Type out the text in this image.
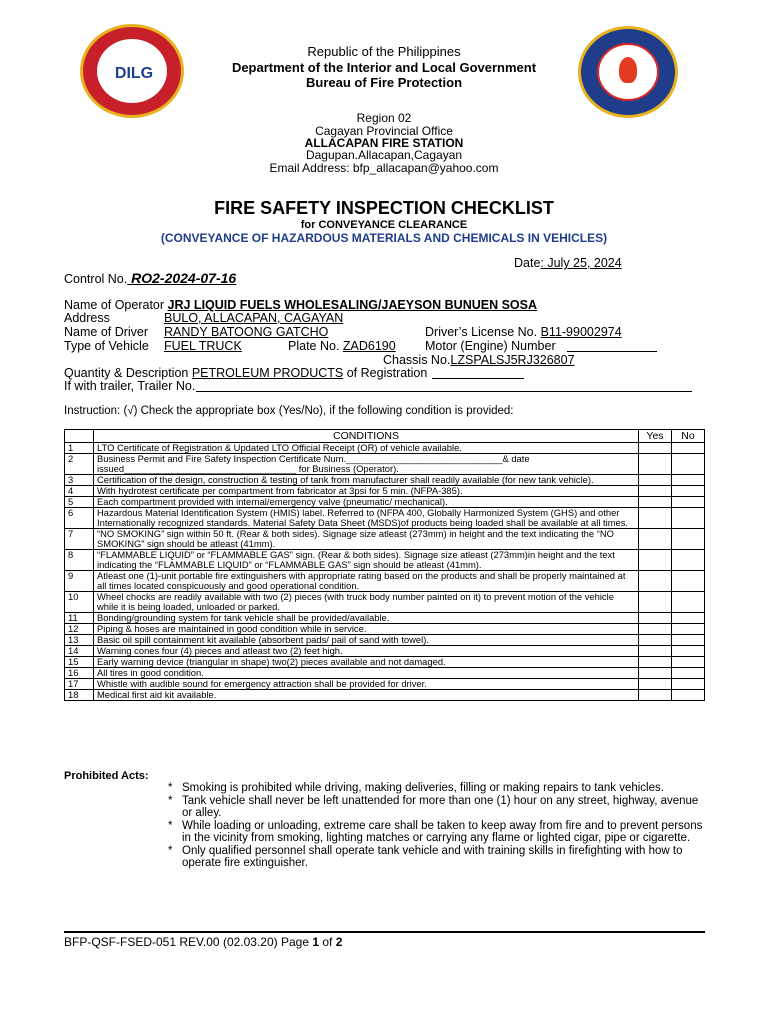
DILG
Republic of the Philippines
Department of the Interior and Local Government
Bureau of Fire Protection
Region 02
Cagayan Provincial Office
ALLACAPAN FIRE STATION
Dagupan.Allacapan,Cagayan
Email Address: bfp_allacapan@yahoo.com
FIRE SAFETY INSPECTION CHECKLIST
for CONVEYANCE CLEARANCE
(CONVEYANCE OF HAZARDOUS MATERIALS AND CHEMICALS IN VEHICLES)
Date: July 25, 2024
Control No. RO2-2024-07-16
Name of Operator JRJ LIQUID FUELS WHOLESALING/JAEYSON BUNUEN SOSA
Address	BULO, ALLACAPAN, CAGAYAN
Name of Driver RANDY BATOONG GATCHO	Driver’s License No. B11-99002974
Type of Vehicle FUEL TRUCK	Plate No. ZAD6190 Motor (Engine) Number
Chassis No.LZSPALSJ5RJ326807
Quantity & Description PETROLEUM PRODUCTS of Registration
If with trailer, Trailer No.
Instruction: (√) Check the appropriate box (Yes/No), if the following condition is provided:
	CONDITIONS	Yes	No
1	LTO Certificate of Registration & Updated LTO Official Receipt (OR) of vehicle available.		
2	Business Permit and Fire Safety Inspection Certificate Num.______________________________& date issued_________________________________ for Business (Operator).		
3	Certification of the design, construction & testing of tank from manufacturer shall readily available (for new tank vehicle).		
4	With hydrotest certificate per compartment from fabricator at 3psi for 5 min. (NFPA-385).		
5	Each compartment provided with internal/emergency valve (pneumatic/ mechanical).		
6	Hazardous Material Identification System (HMIS) label. Referred to (NFPA 400, Globally Harmonized System (GHS) and other Internationally recognized standards. Material Safety Data Sheet (MSDS)of products being loaded shall be available at all times.		
7	“NO SMOKING” sign within 50 ft. (Rear & both sides). Signage size atleast (273mm) in height and the text indicating the “NO SMOKING” sign should be atleast (41mm).		
8	“FLAMMABLE LIQUID” or “FLAMMABLE GAS” sign. (Rear & both sides). Signage size atleast (273mm)in height and the text indicating the “FLAMMABLE LIQUID” or “FLAMMABLE GAS” sign should be atleast (41mm).		
9	Atleast one (1)-unit portable fire extinguishers with appropriate rating based on the products and shall be properly maintained at all times located conspicuously and good operational condition.		
10	Wheel chocks are readily available with two (2) pieces (with truck body number painted on it) to prevent motion of the vehicle while it is being loaded, unloaded or parked.		
11	Bonding/grounding system for tank vehicle shall be provided/available.		
12	Piping & hoses are maintained in good condition while in service.		
13	Basic oil spill containment kit available (absorbent pads/ pail of sand with towel).		
14	Warning cones four (4) pieces and atleast two (2) feet high.		
15	Early warning device (triangular in shape) two(2) pieces available and not damaged.		
16	All tires in good condition.		
17	Whistle with audible sound for emergency attraction shall be provided for driver.		
18	Medical first aid kit available.		
Prohibited Acts:
* Smoking is prohibited while driving, making deliveries, filling or making repairs to tank vehicles.
* Tank vehicle shall never be left unattended for more than one (1) hour on any street, highway, avenue or alley.
* While loading or unloading, extreme care shall be taken to keep away from fire and to prevent persons in the vicinity from smoking, lighting matches or carrying any flame or lighted cigar, pipe or cigarette.
* Only qualified personnel shall operate tank vehicle and with training skills in firefighting with how to operate fire extinguisher.
BFP-QSF-FSED-051 REV.00 (02.03.20) Page 1 of 2
